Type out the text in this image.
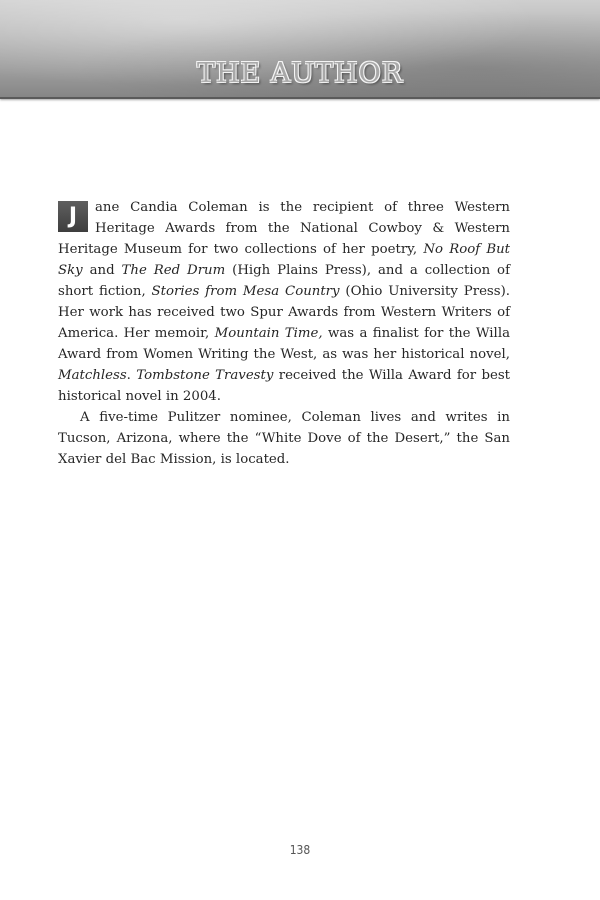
THE AUTHOR

J	ane Candia Coleman is the recipient of three Western Heritage Awards from the National Cowboy & Western Heritage Museum for two collections of her poetry, No Roof But Sky and The Red Drum (High Plains Press), and a collection of short fiction, Stories from Mesa Country (Ohio University Press). Her work has received two Spur Awards from Western Writers of America. Her memoir, Mountain Time, was a finalist for the Willa Award from Women Writing the West, as was her historical novel, Matchless. Tombstone Travesty received the Willa Award for best historical novel in 2004.

A five-time Pulitzer nominee, Coleman lives and writes in Tucson, Arizona, where the “White Dove of the Desert,” the San Xavier del Bac Mission, is located.

138
